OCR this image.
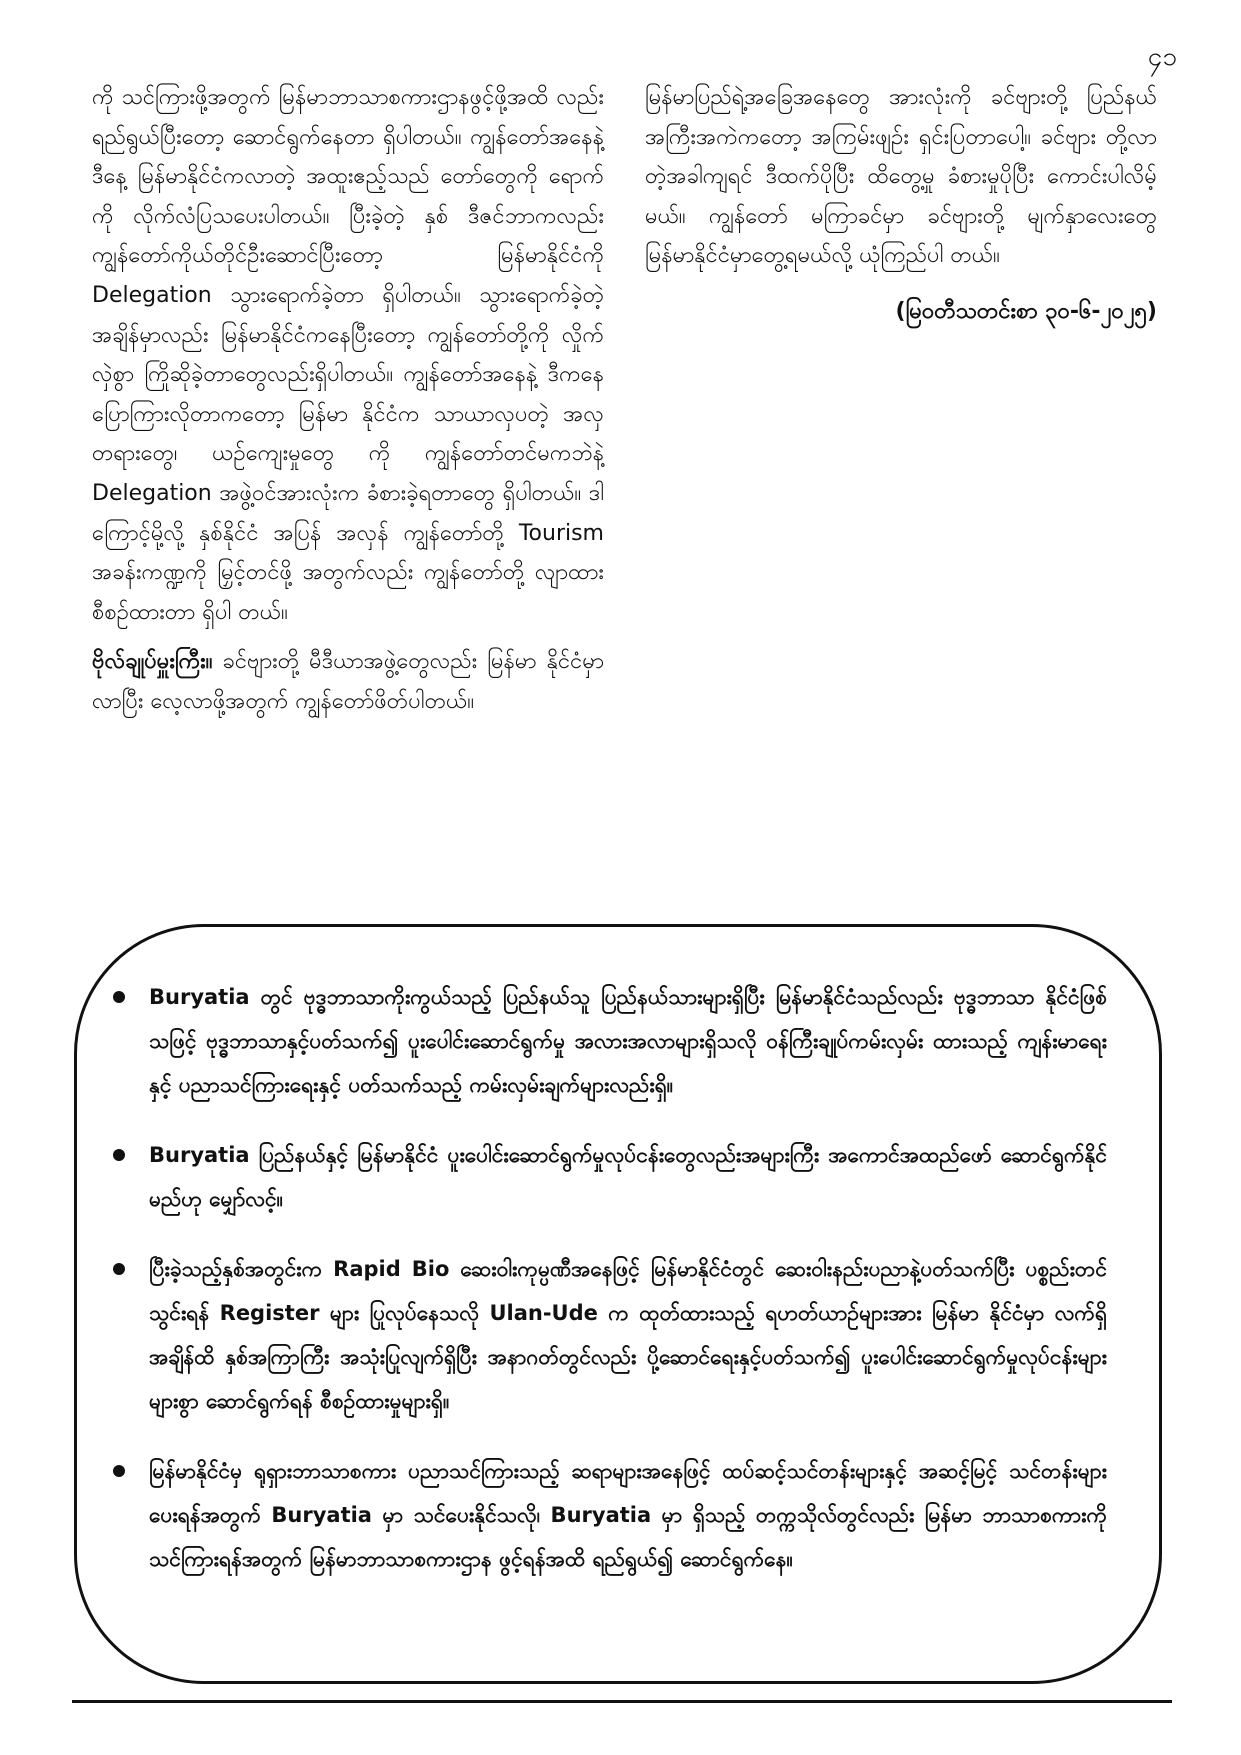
၄၁

ကို သင်ကြားဖို့အတွက် မြန်မာဘာသာစကားဌာနဖွင့်ဖို့အထိ လည်း ရည်ရွယ်ပြီးတော့ ဆောင်ရွက်နေတာ ရှိပါတယ်။ ကျွန်တော်အနေနဲ့ ဒီနေ့ မြန်မာနိုင်ငံကလာတဲ့ အထူးဧည့်သည် တော်တွေကို ရောက်ကို လိုက်လံပြသပေးပါတယ်။ ပြီးခဲ့တဲ့ နှစ် ဒီဇင်ဘာကလည်း ကျွန်တော်ကိုယ်တိုင်ဦးဆောင်ပြီးတော့ မြန်မာနိုင်ငံကို Delegation သွားရောက်ခဲ့တာ ရှိပါတယ်။ သွားရောက်ခဲ့တဲ့အချိန်မှာလည်း မြန်မာနိုင်ငံကနေပြီးတော့ ကျွန်တော်တို့ကို လှိုက်လှဲစွာ ကြိုဆိုခဲ့တာတွေလည်းရှိပါတယ်။ ကျွန်တော်အနေနဲ့ ဒီကနေ ပြောကြားလိုတာကတော့ မြန်မာ နိုင်ငံက သာယာလှပတဲ့ အလှတရားတွေ၊ ယဉ်ကျေးမှုတွေ ကို ကျွန်တော်တင်မကဘဲနဲ့ Delegation အဖွဲ့ဝင်အားလုံးက ခံစားခဲ့ရတာတွေ ရှိပါတယ်။ ဒါကြောင့်မို့လို့ နှစ်နိုင်ငံ အပြန် အလှန် ကျွန်တော်တို့ Tourism အခန်းကဏ္ဍကို မြှင့်တင်ဖို့ အတွက်လည်း ကျွန်တော်တို့ လျာထားစီစဉ်ထားတာ ရှိပါ တယ်။

ဗိုလ်ချုပ်မှူးကြီး။ ခင်ဗျားတို့ မီဒီယာအဖွဲ့တွေလည်း မြန်မာ နိုင်ငံမှာလာပြီး လေ့လာဖို့အတွက် ကျွန်တော်ဖိတ်ပါတယ်။

မြန်မာပြည်ရဲ့အခြေအနေတွေ အားလုံးကို ခင်ဗျားတို့ ပြည်နယ် အကြီးအကဲကတော့ အကြမ်းဖျဉ်း ရှင်းပြတာပေါ့။ ခင်ဗျား တို့လာတဲ့အခါကျရင် ဒီထက်ပိုပြီး ထိတွေ့မှု ခံစားမှုပိုပြီး ကောင်းပါလိမ့်မယ်။ ကျွန်တော် မကြာခင်မှာ ခင်ဗျားတို့ မျက်နှာလေးတွေ မြန်မာနိုင်ငံမှာတွေ့ရမယ်လို့ ယုံကြည်ပါ တယ်။

(မြဝတီသတင်းစာ ၃၀-၆-၂၀၂၅)

Buryatia တွင် ဗုဒ္ဓဘာသာကိုးကွယ်သည့် ပြည်နယ်သူ ပြည်နယ်သားများရှိပြီး မြန်မာနိုင်ငံသည်လည်း ဗုဒ္ဓဘာသာ နိုင်ငံဖြစ်သဖြင့် ဗုဒ္ဓဘာသာနှင့်ပတ်သက်၍ ပူးပေါင်းဆောင်ရွက်မှု အလားအလာများရှိသလို ဝန်ကြီးချုပ်ကမ်းလှမ်း ထားသည့် ကျန်းမာရေးနှင့် ပညာသင်ကြားရေးနှင့် ပတ်သက်သည့် ကမ်းလှမ်းချက်များလည်းရှိ။
Buryatia ပြည်နယ်နှင့် မြန်မာနိုင်ငံ ပူးပေါင်းဆောင်ရွက်မှုလုပ်ငန်းတွေလည်းအများကြီး အကောင်အထည်ဖော် ဆောင်ရွက်နိုင်မည်ဟု မျှော်လင့်။
ပြီးခဲ့သည့်နှစ်အတွင်းက Rapid Bio ဆေးဝါးကုမ္ပဏီအနေဖြင့် မြန်မာနိုင်ငံတွင် ဆေးဝါးနည်းပညာနဲ့ပတ်သက်ပြီး ပစ္စည်းတင်သွင်းရန် Register များ ပြုလုပ်နေသလို Ulan-Ude က ထုတ်ထားသည့် ရဟတ်ယာဉ်များအား မြန်မာ နိုင်ငံမှာ လက်ရှိအချိန်ထိ နှစ်အကြာကြီး အသုံးပြုလျက်ရှိပြီး အနာဂတ်တွင်လည်း ပို့ဆောင်ရေးနှင့်ပတ်သက်၍ ပူးပေါင်းဆောင်ရွက်မှုလုပ်ငန်းများ များစွာ ဆောင်ရွက်ရန် စီစဉ်ထားမှုများရှိ။
မြန်မာနိုင်ငံမှ ရုရှားဘာသာစကား ပညာသင်ကြားသည့် ဆရာများအနေဖြင့် ထပ်ဆင့်သင်တန်းများနှင့် အဆင့်မြင့် သင်တန်းများပေးရန်အတွက် Buryatia မှာ သင်ပေးနိုင်သလို၊ Buryatia မှာ ရှိသည့် တက္ကသိုလ်တွင်လည်း မြန်မာ ဘာသာစကားကို သင်ကြားရန်အတွက် မြန်မာဘာသာစကားဌာန ဖွင့်ရန်အထိ ရည်ရွယ်၍ ဆောင်ရွက်နေ။
